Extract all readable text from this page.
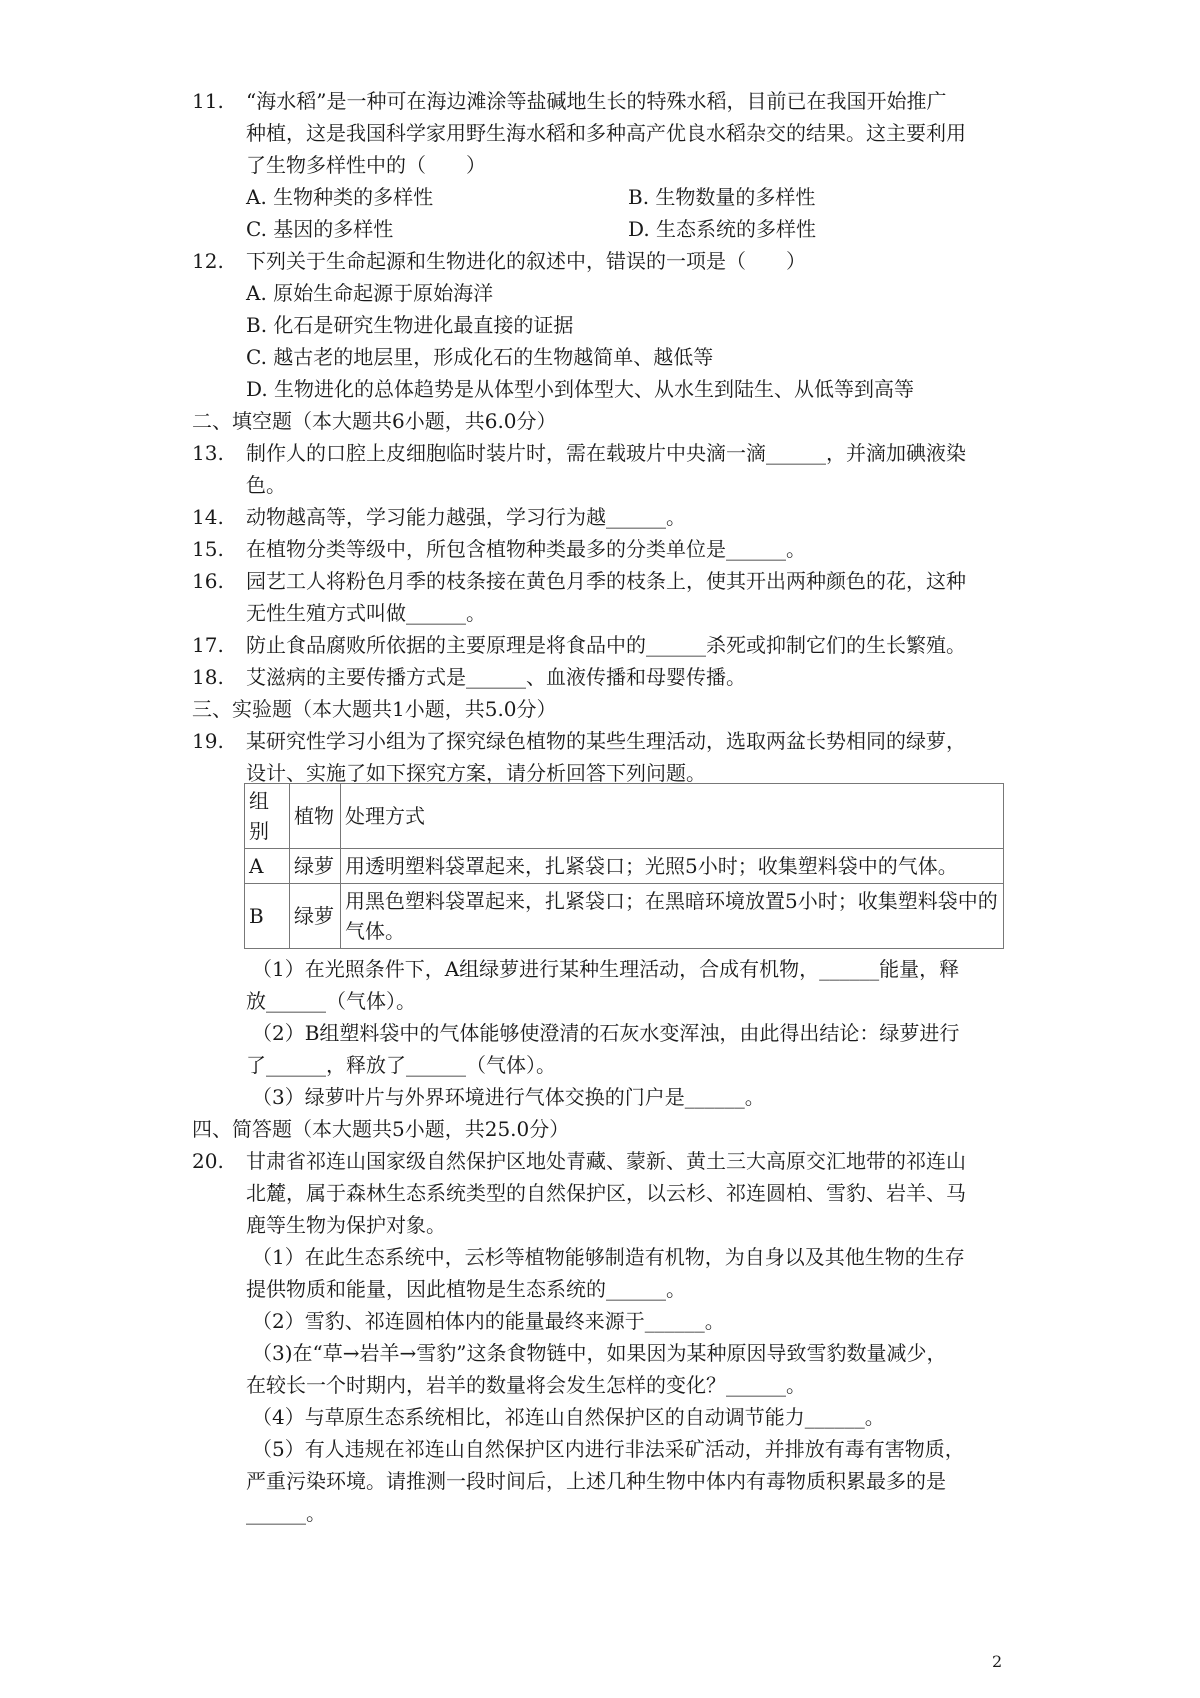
11. “海水稻”是一种可在海边滩涂等盐碱地生长的特殊水稻，目前已在我国开始推广
种植，这是我国科学家用野生海水稻和多种高产优良水稻杂交的结果。这主要利用
了生物多样性中的（　　）
A. 生物种类的多样性	B. 生物数量的多样性
C. 基因的多样性	D. 生态系统的多样性
12. 下列关于生命起源和生物进化的叙述中，错误的一项是（　　）
A. 原始生命起源于原始海洋
B. 化石是研究生物进化最直接的证据
C. 越古老的地层里，形成化石的生物越简单、越低等
D. 生物进化的总体趋势是从体型小到体型大、从水生到陆生、从低等到高等
二、填空题（本大题共6小题，共6.0分）
13. 制作人的口腔上皮细胞临时装片时，需在载玻片中央滴一滴______，并滴加碘液染
色。
14. 动物越高等，学习能力越强，学习行为越______。
15. 在植物分类等级中，所包含植物种类最多的分类单位是______。
16. 园艺工人将粉色月季的枝条接在黄色月季的枝条上，使其开出两种颜色的花，这种
无性生殖方式叫做______。
17. 防止食品腐败所依据的主要原理是将食品中的______杀死或抑制它们的生长繁殖。
18. 艾滋病的主要传播方式是______、血液传播和母婴传播。
三、实验题（本大题共1小题，共5.0分）
19. 某研究性学习小组为了探究绿色植物的某些生理活动，选取两盆长势相同的绿萝，
设计、实施了如下探究方案，请分析回答下列问题。
组别	植物	处理方式
A	绿萝	用透明塑料袋罩起来，扎紧袋口；光照5小时；收集塑料袋中的气体。
B	绿萝	用黑色塑料袋罩起来，扎紧袋口；在黑暗环境放置5小时；收集塑料袋中的气体。
（1）在光照条件下，A组绿萝进行某种生理活动，合成有机物，______能量，释
放______（气体）。
（2）B组塑料袋中的气体能够使澄清的石灰水变浑浊，由此得出结论：绿萝进行
了______，释放了______（气体）。
（3）绿萝叶片与外界环境进行气体交换的门户是______。
四、简答题（本大题共5小题，共25.0分）
20. 甘肃省祁连山国家级自然保护区地处青藏、蒙新、黄土三大高原交汇地带的祁连山
北麓，属于森林生态系统类型的自然保护区，以云杉、祁连圆柏、雪豹、岩羊、马
鹿等生物为保护对象。
（1）在此生态系统中，云杉等植物能够制造有机物，为自身以及其他生物的生存
提供物质和能量，因此植物是生态系统的______。
（2）雪豹、祁连圆柏体内的能量最终来源于______。
（3)在“草→岩羊→雪豹”这条食物链中，如果因为某种原因导致雪豹数量减少，
在较长一个时期内，岩羊的数量将会发生怎样的变化？______。
（4）与草原生态系统相比，祁连山自然保护区的自动调节能力______。
（5）有人违规在祁连山自然保护区内进行非法采矿活动，并排放有毒有害物质，
严重污染环境。请推测一段时间后，上述几种生物中体内有毒物质积累最多的是
______。
2
